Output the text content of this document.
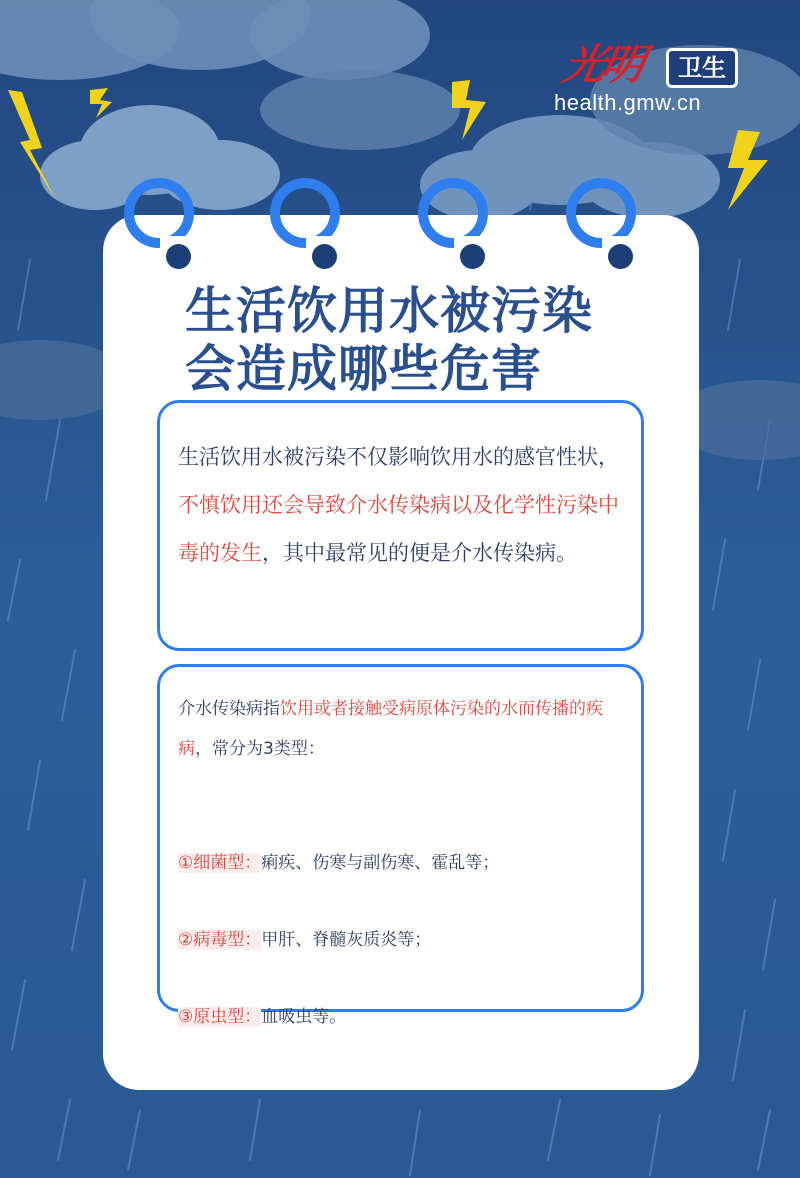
光明	卫生
health.gmw.cn
生活饮用水被污染
会造成哪些危害

生活饮用水被污染不仅影响饮用水的感官性状，不慎饮用还会导致介水传染病以及化学性污染中毒的发生，其中最常见的便是介水传染病。

介水传染病指饮用或者接触受病原体污染的水而传播的疾病，常分为3类型：

①细菌型：痢疾、伤寒与副伤寒、霍乱等；

②病毒型：甲肝、脊髓灰质炎等；

③原虫型：血吸虫等。
